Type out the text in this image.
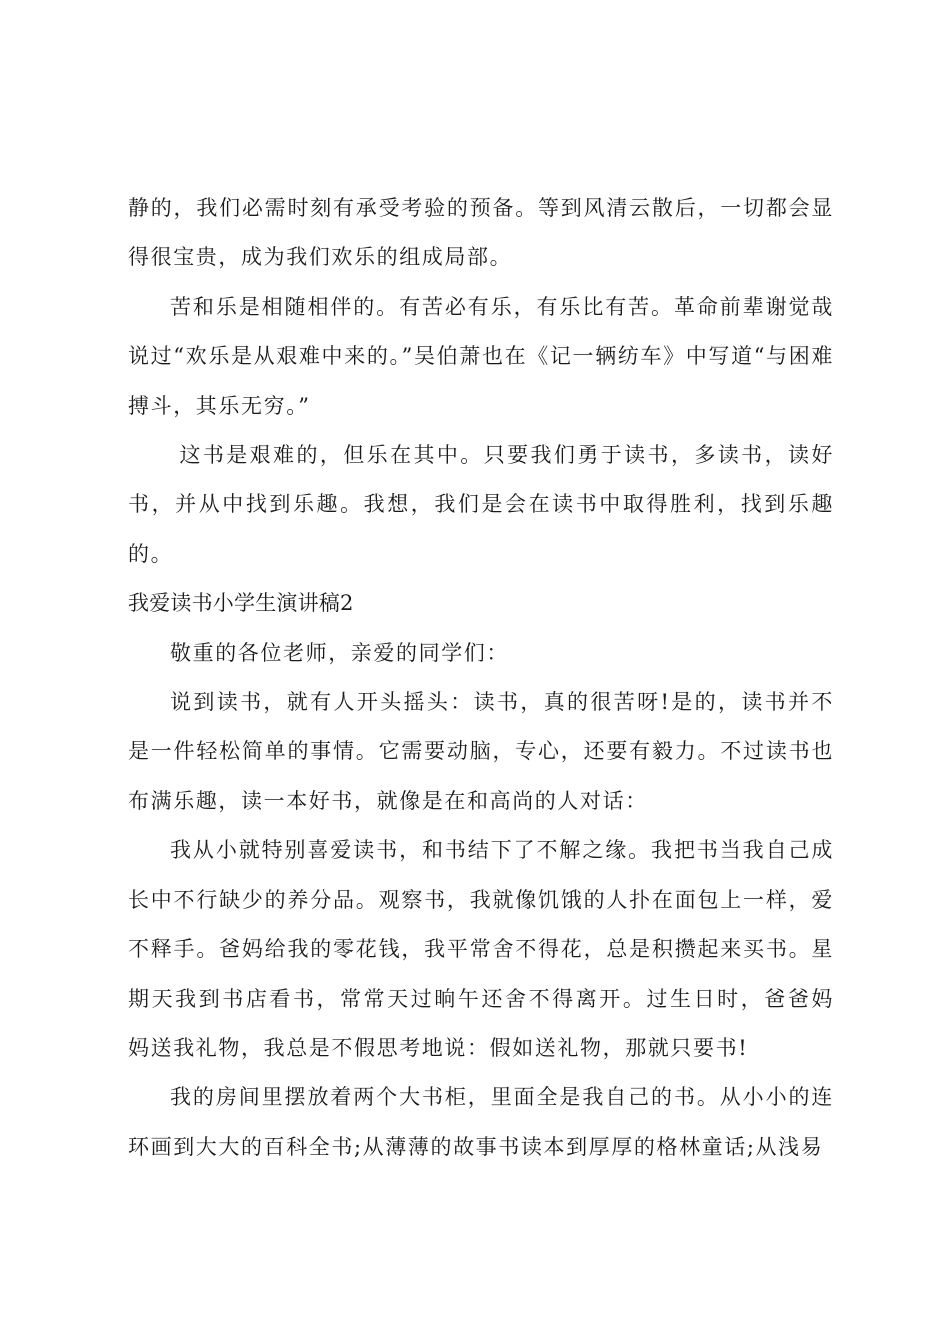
静的，我们必需时刻有承受考验的预备。等到风清云散后，一切都会显得很宝贵，成为我们欢乐的组成局部。

苦和乐是相随相伴的。有苦必有乐，有乐比有苦。革命前辈谢觉哉说过“欢乐是从艰难中来的。”吴伯萧也在《记一辆纺车》中写道“与困难搏斗，其乐无穷。”

这书是艰难的，但乐在其中。只要我们勇于读书，多读书，读好书，并从中找到乐趣。我想，我们是会在读书中取得胜利，找到乐趣的。

我爱读书小学生演讲稿2

敬重的各位老师，亲爱的同学们：

说到读书，就有人开头摇头：读书，真的很苦呀!是的，读书并不是一件轻松简单的事情。它需要动脑，专心，还要有毅力。不过读书也布满乐趣，读一本好书，就像是在和高尚的人对话：

我从小就特别喜爱读书，和书结下了不解之缘。我把书当我自己成长中不行缺少的养分品。观察书，我就像饥饿的人扑在面包上一样，爱不释手。爸妈给我的零花钱，我平常舍不得花，总是积攒起来买书。星期天我到书店看书，常常天过晌午还舍不得离开。过生日时，爸爸妈 妈送我礼物，我总是不假思考地说：假如送礼物，那就只要书!

我的房间里摆放着两个大书柜，里面全是我自己的书。从小小的连环画到大大的百科全书;从薄薄的故事书读本到厚厚的格林童话;从浅易
